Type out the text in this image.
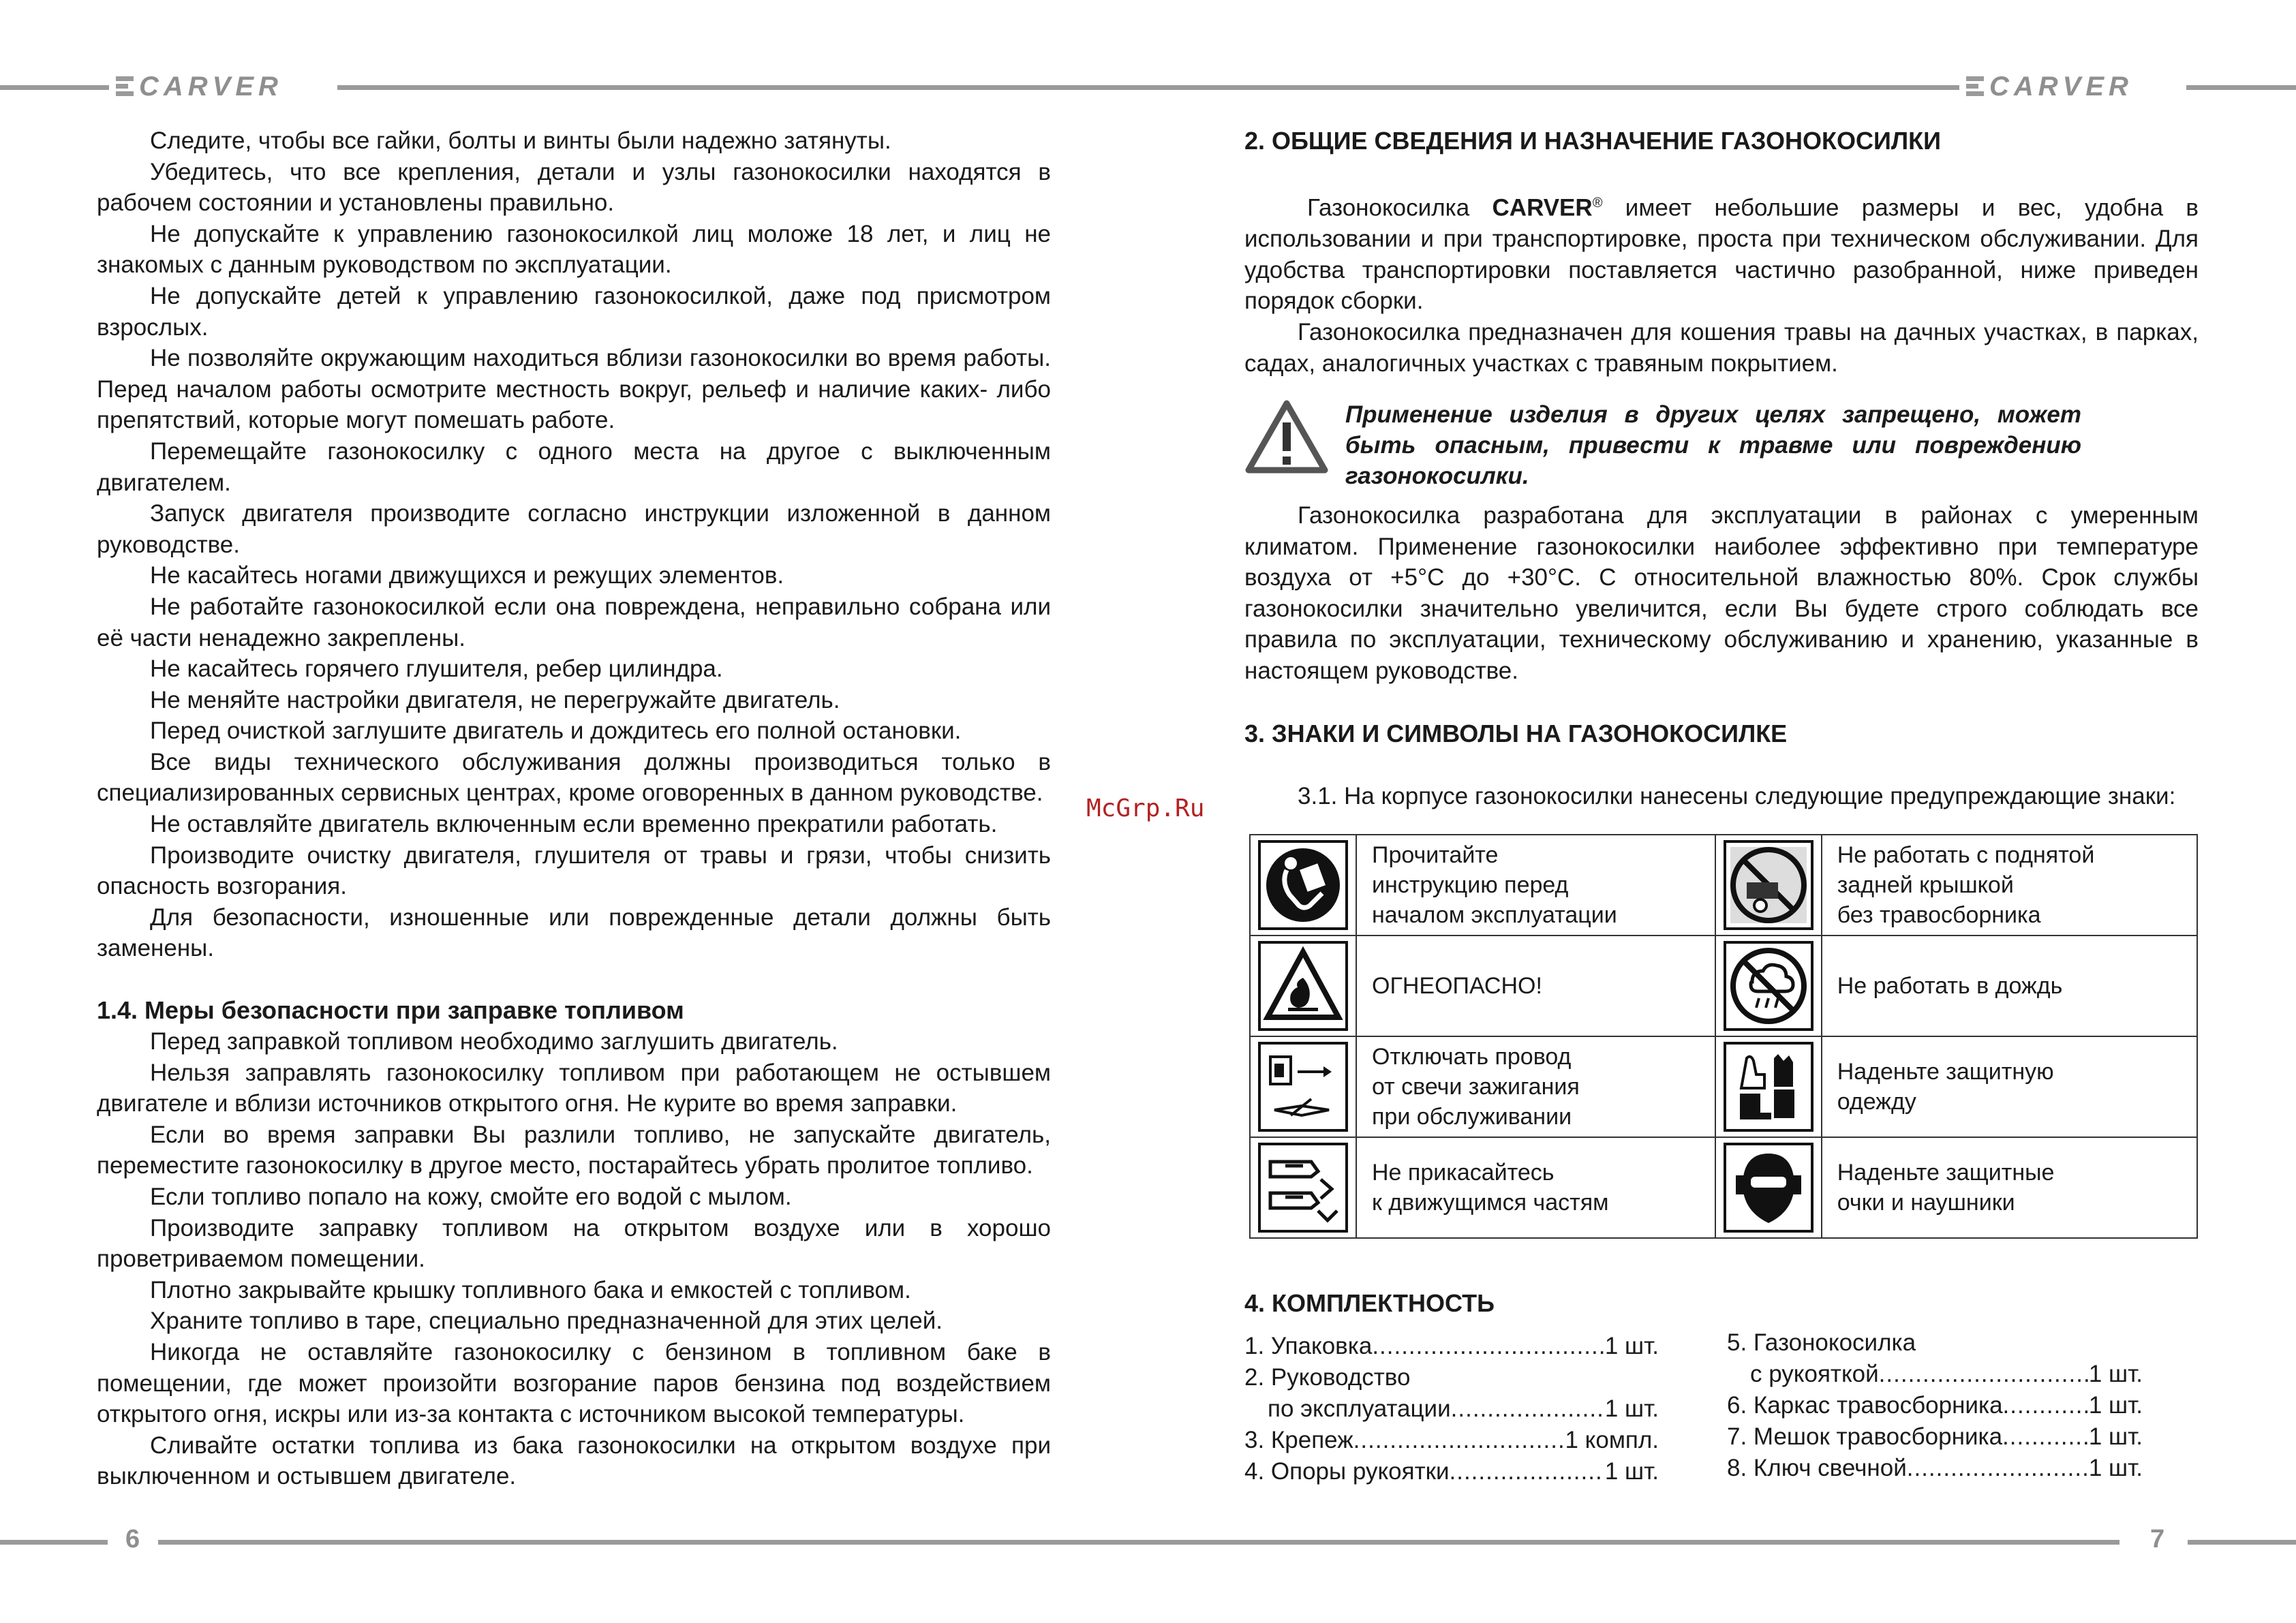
CARVER	CARVER
6	7

Следите, чтобы все гайки, болты и винты были надежно затянуты.

Убедитесь, что все крепления, детали и узлы газонокосилки находятся в рабочем состоянии и установлены правильно.

Не допускайте к управлению газонокосилкой лиц моложе 18 лет, и лиц не знакомых с данным руководством по эксплуатации.

Не допускайте детей к управлению газонокосилкой, даже под присмотром взрослых.

Не позволяйте окружающим находиться вблизи газонокосилки во время работы. Перед началом работы осмотрите местность вокруг, рельеф и наличие каких- либо препятствий, которые могут помешать работе.

Перемещайте газонокосилку с одного места на другое с выключенным двигателем.

Запуск двигателя производите согласно инструкции изложенной в данном руководстве.

Не касайтесь ногами движущихся и режущих элементов.

Не работайте газонокосилкой если она повреждена, неправильно собрана или её части ненадежно закреплены.

Не касайтесь горячего глушителя, ребер цилиндра.

Не меняйте настройки двигателя, не перегружайте двигатель.

Перед очисткой заглушите двигатель и дождитесь его полной остановки.

Все виды технического обслуживания должны производиться только в специализированных сервисных центрах, кроме оговоренных в данном руководстве.

Не оставляйте двигатель включенным если временно прекратили работать.

Производите очистку двигателя, глушителя от травы и грязи, чтобы снизить опасность возгорания.

Для безопасности, изношенные или поврежденные детали должны быть заменены.

1.4. Меры безопасности при заправке топливом

Перед заправкой топливом необходимо заглушить двигатель.

Нельзя заправлять газонокосилку топливом при работающем не остывшем двигателе и вблизи источников открытого огня. Не курите во время заправки.

Если во время заправки Вы разлили топливо, не запускайте двигатель, переместите газонокосилку в другое место, постарайтесь убрать пролитое топливо.

Если топливо попало на кожу, смойте его водой с мылом.

Производите заправку топливом на открытом воздухе или в хорошо проветриваемом помещении.

Плотно закрывайте крышку топливного бака и емкостей с топливом.

Храните топливо в таре, специально предназначенной для этих целей.

Никогда не оставляйте газонокосилку с бензином в топливном баке в помещении, где может произойти возгорание паров бензина под воздействием открытого огня, искры или из-за контакта с источником высокой температуры.

Сливайте остатки топлива из бака газонокосилки на открытом воздухе при выключенном и остывшем двигателе.

McGrp.Ru

2. ОБЩИЕ СВЕДЕНИЯ И НАЗНАЧЕНИЕ ГАЗОНОКОСИЛКИ

Газонокосилка CARVER® имеет небольшие размеры и вес, удобна в использовании и при транспортировке, проста при техническом обслуживании. Для удобства транспортировки поставляется частично разобранной, ниже приведен порядок сборки.

Газонокосилка предназначен для кошения травы на дачных участках, в парках, садах, аналогичных участках с травяным покрытием.

Применение изделия в других целях запрещено, может быть опасным, привести к травме или повреждению газонокосилки.

Газонокосилка разработана для эксплуатации в районах с умеренным климатом. Применение газонокосилки наиболее эффективно при температуре воздуха от +5°С до +30°С. С относительной влажностью 80%. Срок службы газонокосилки значительно увеличится, если Вы будете строго соблюдать все правила по эксплуатации, техническому обслуживанию и хранению, указанные в настоящем руководстве.

3. ЗНАКИ И СИМВОЛЫ НА ГАЗОНОКОСИЛКЕ

3.1. На корпусе газонокосилки нанесены следующие предупреждающие знаки:

	Прочитайте
инструкцию перед
началом эксплуатации		Не работать с поднятой
задней крышкой
без травосборника
	ОГНЕОПАСНО!		Не работать в дождь
	Отключать провод
от свечи зажигания
при обслуживании		Наденьте защитную
одежду
	Не прикасайтесь
к движущимся частям		Наденьте защитные
очки и наушники

4. КОМПЛЕКТНОСТЬ

1. Упаковка .....	1 шт.
2. Руководство
по эксплуатации .....	1 шт.
3. Крепеж .....	1 компл.
4. Опоры рукоятки .....	1 шт.
5. Газонокосилка
с рукояткой .....	1 шт.
6. Каркас травосборника .....	1 шт.
7. Мешок травосборника .....	1 шт.
8. Ключ свечной .....	1 шт.
